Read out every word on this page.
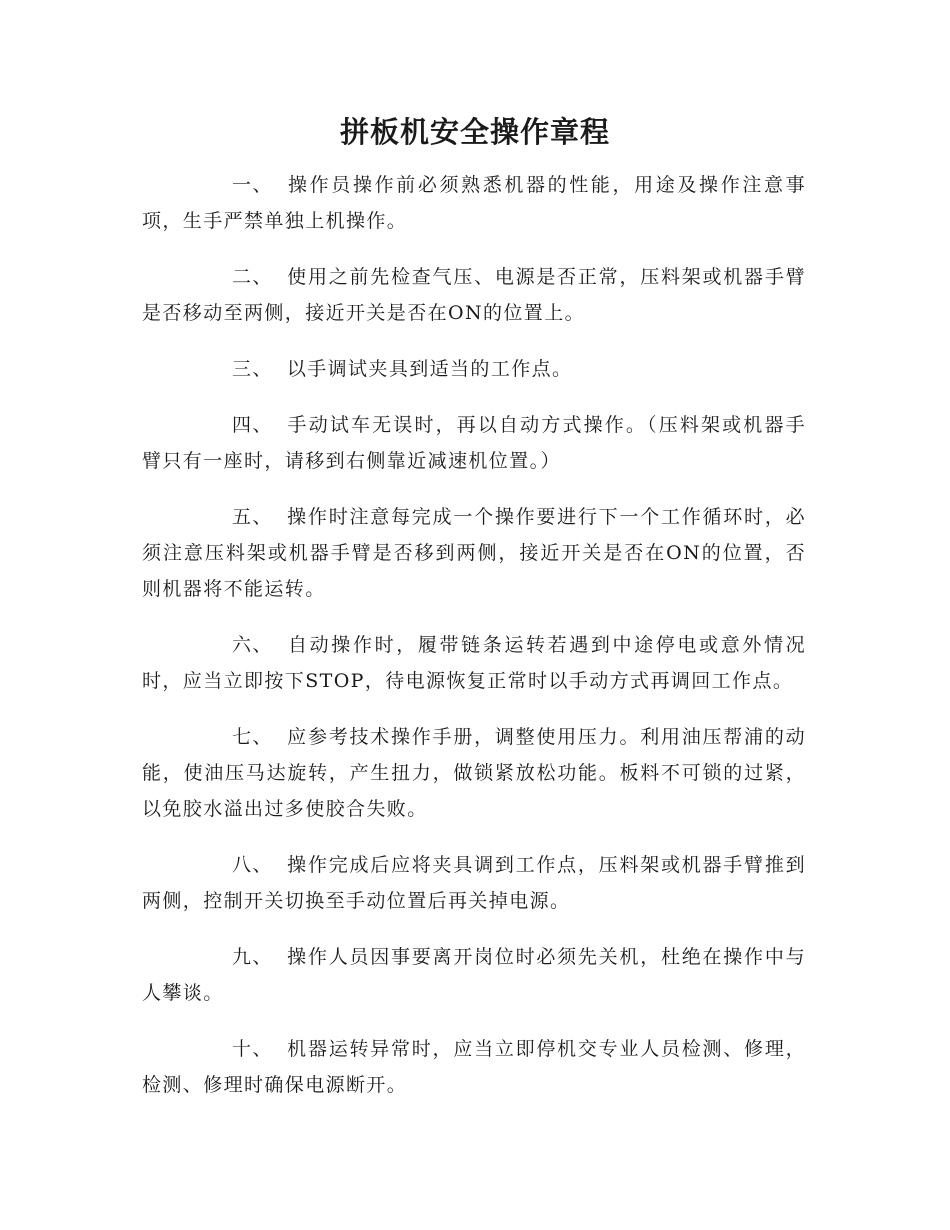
拼板机安全操作章程

一、 操作员操作前必须熟悉机器的性能，用途及操作注意事项，生手严禁单独上机操作。

二、 使用之前先检查气压、电源是否正常，压料架或机器手臂是否移动至两侧，接近开关是否在ON的位置上。

三、 以手调试夹具到适当的工作点。

四、 手动试车无误时，再以自动方式操作。（压料架或机器手臂只有一座时，请移到右侧靠近减速机位置。）

五、 操作时注意每完成一个操作要进行下一个工作循环时，必须注意压料架或机器手臂是否移到两侧，接近开关是否在ON的位置，否则机器将不能运转。

六、 自动操作时，履带链条运转若遇到中途停电或意外情况时，应当立即按下STOP，待电源恢复正常时以手动方式再调回工作点。

七、 应参考技术操作手册，调整使用压力。利用油压帮浦的动能，使油压马达旋转，产生扭力，做锁紧放松功能。板料不可锁的过紧，以免胶水溢出过多使胶合失败。

八、 操作完成后应将夹具调到工作点，压料架或机器手臂推到两侧，控制开关切换至手动位置后再关掉电源。

九、 操作人员因事要离开岗位时必须先关机，杜绝在操作中与人攀谈。

十、 机器运转异常时，应当立即停机交专业人员检测、修理，检测、修理时确保电源断开。
